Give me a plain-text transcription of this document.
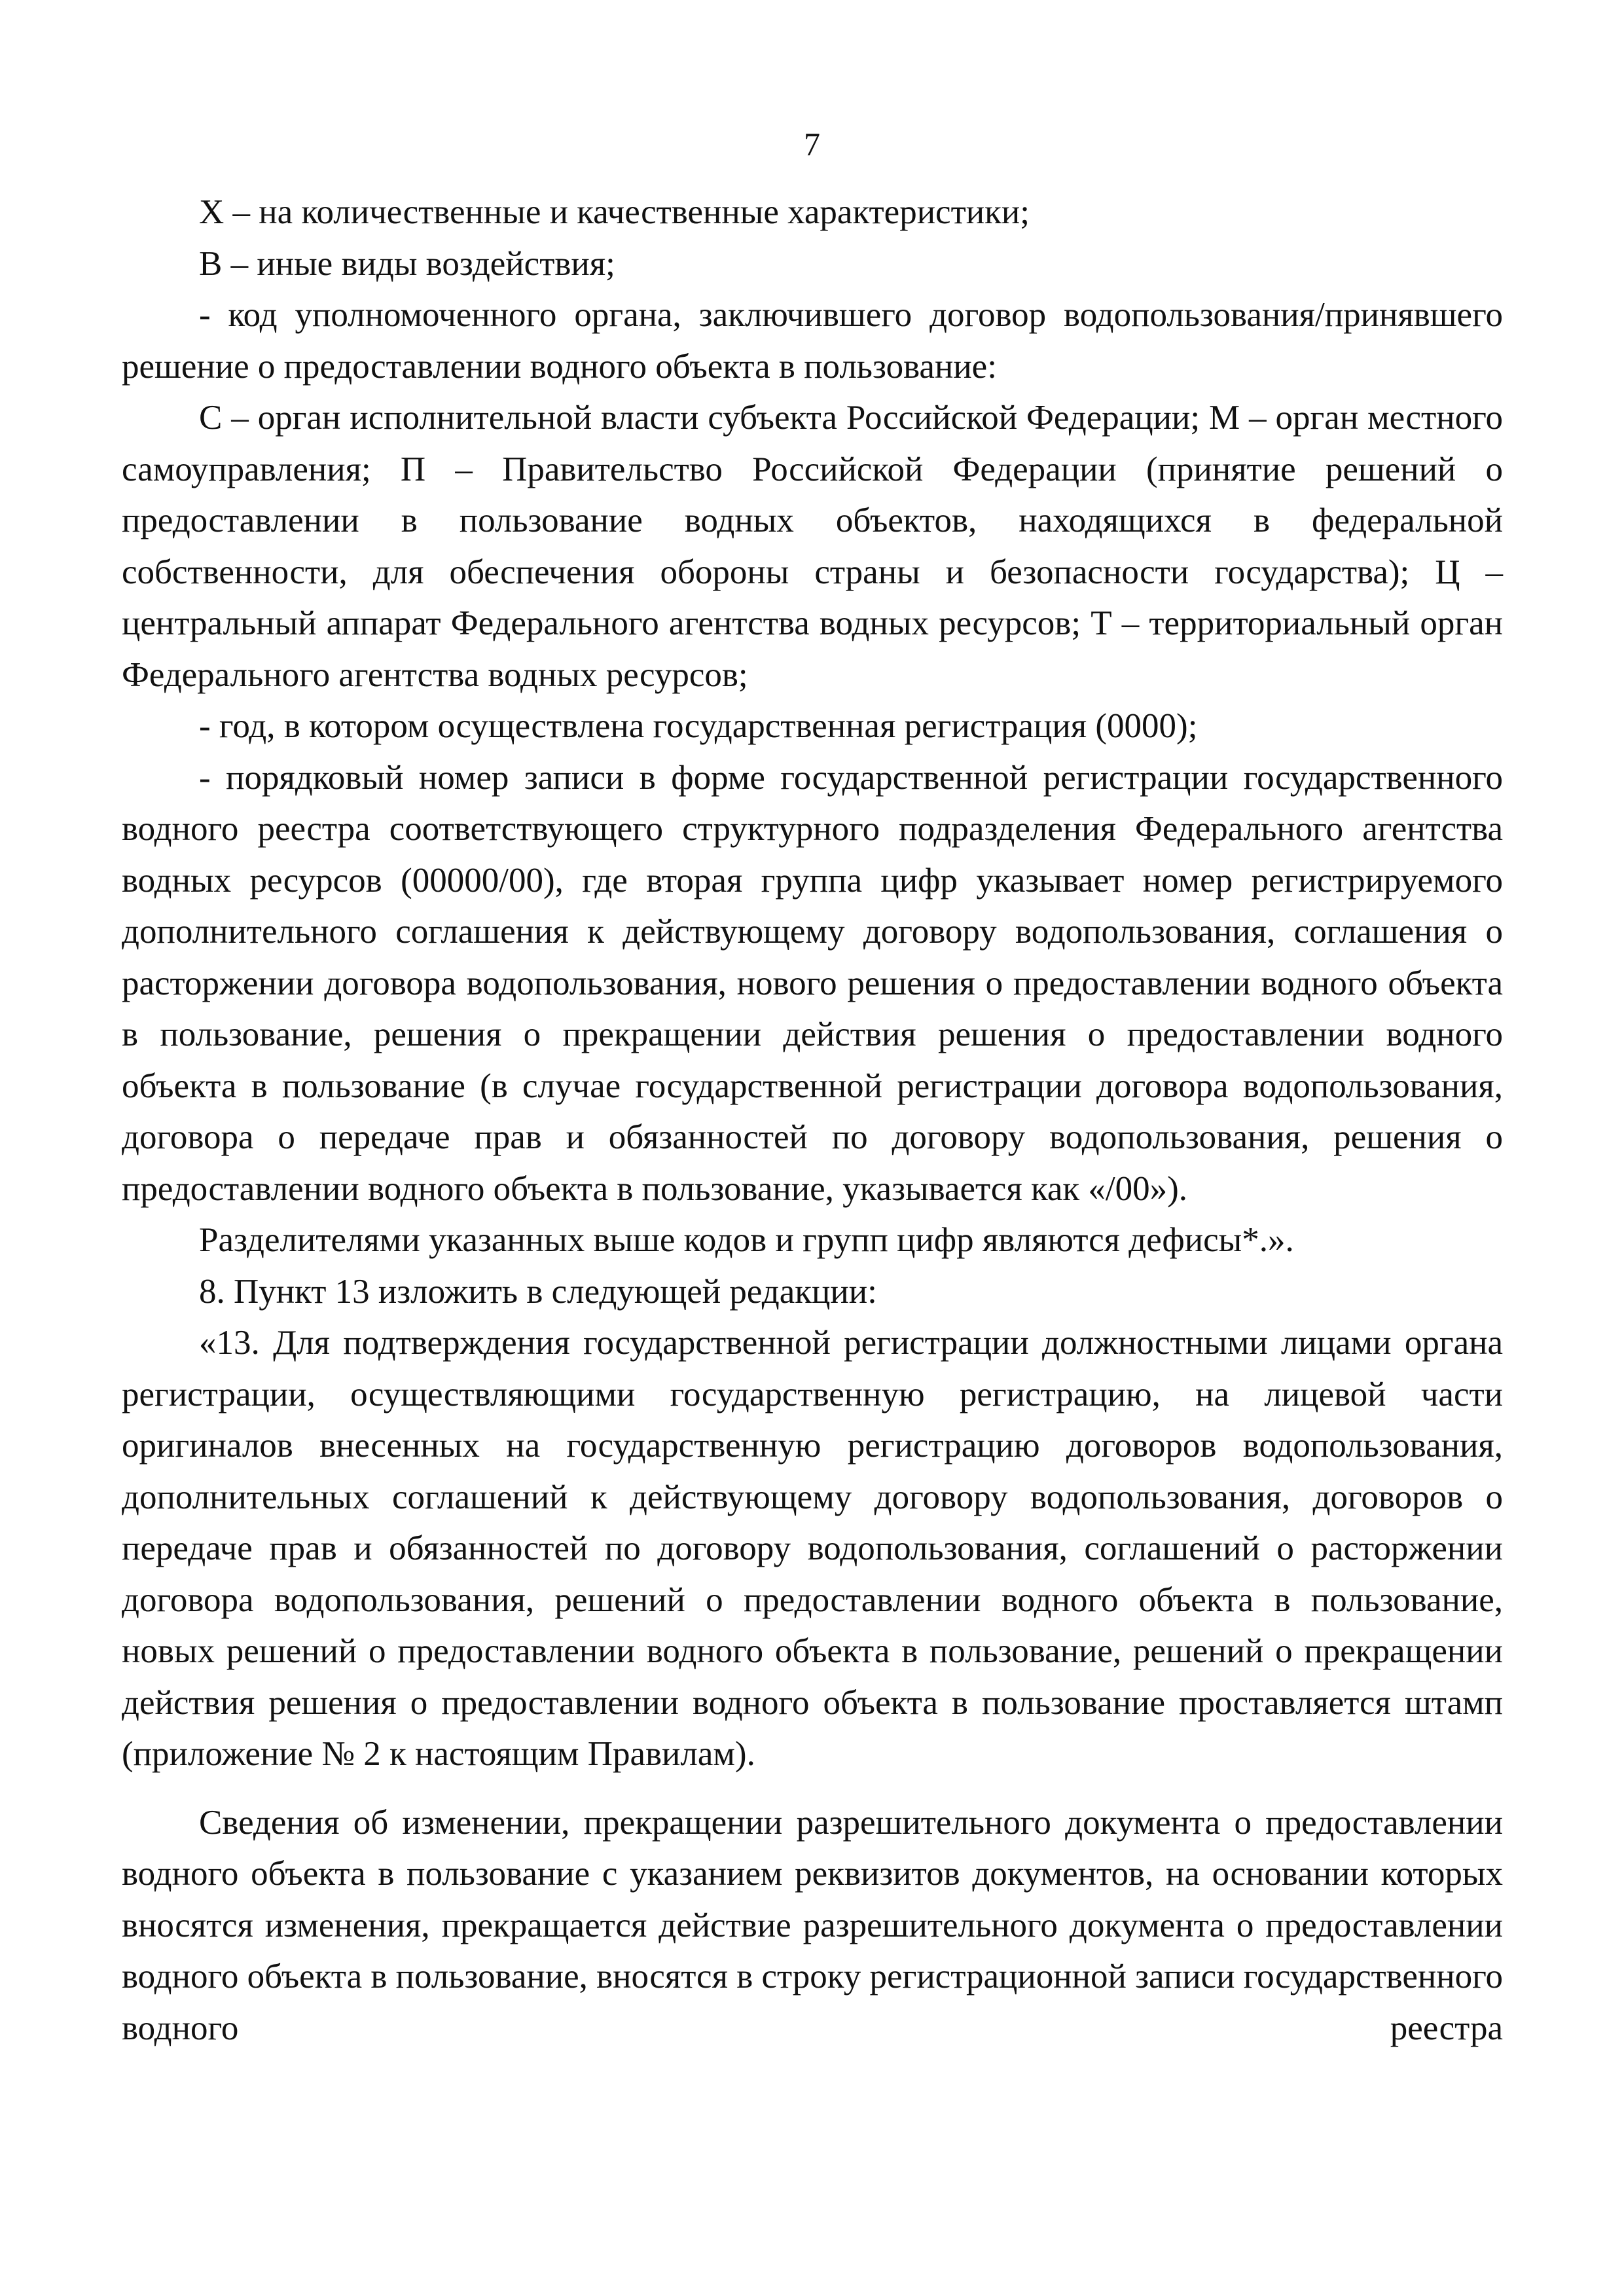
7

Х – на количественные и качественные характеристики;

В – иные виды воздействия;

- код уполномоченного органа, заключившего договор водопользования/принявшего решение о предоставлении водного объекта в пользование:

С – орган исполнительной власти субъекта Российской Федерации; М – орган местного самоуправления; П – Правительство Российской Федерации (принятие решений о предоставлении в пользование водных объектов, находящихся в федеральной собственности, для обеспечения обороны страны и безопасности государства); Ц – центральный аппарат Федерального агентства водных ресурсов; Т – территориальный орган Федерального агентства водных ресурсов;

- год, в котором осуществлена государственная регистрация (0000);

- порядковый номер записи в форме государственной регистрации государственного водного реестра соответствующего структурного подразделения Федерального агентства водных ресурсов (00000/00), где вторая группа цифр указывает номер регистрируемого дополнительного соглашения к действующему договору водопользования, соглашения о расторжении договора водопользования, нового решения о предоставлении водного объекта в пользование, решения о прекращении действия решения о предоставлении водного объекта в пользование (в случае государственной регистрации договора водопользования, договора о передаче прав и обязанностей по договору водопользования, решения о предоставлении водного объекта в пользование, указывается как «/00»).

Разделителями указанных выше кодов и групп цифр являются дефисы*.».

8. Пункт 13 изложить в следующей редакции:

«13. Для подтверждения государственной регистрации должностными лицами органа регистрации, осуществляющими государственную регистрацию, на лицевой части оригиналов внесенных на государственную регистрацию договоров водопользования, дополнительных соглашений к действующему договору водопользования, договоров о передаче прав и обязанностей по договору водопользования, соглашений о расторжении договора водопользования, решений о предоставлении водного объекта в пользование, новых решений о предоставлении водного объекта в пользование, решений о прекращении действия решения о предоставлении водного объекта в пользование проставляется штамп (приложение № 2 к настоящим Правилам).

Сведения об изменении, прекращении разрешительного документа о предоставлении водного объекта в пользование с указанием реквизитов документов, на основании которых вносятся изменения, прекращается действие разрешительного документа о предоставлении водного объекта в пользование, вносятся в строку регистрационной записи государственного водного реестра
